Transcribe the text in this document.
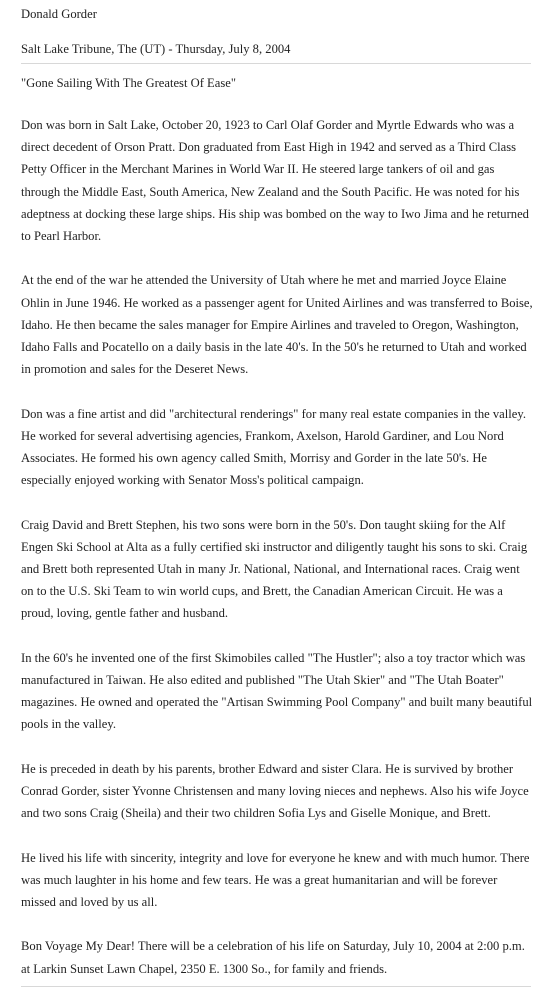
Donald Gorder
Salt Lake Tribune, The (UT) - Thursday, July 8, 2004
"Gone Sailing With The Greatest Of Ease"

Don was born in Salt Lake, October 20, 1923 to Carl Olaf Gorder and Myrtle Edwards who was a direct decedent of Orson Pratt. Don graduated from East High in 1942 and served as a Third Class Petty Officer in the Merchant Marines in World War II. He steered large tankers of oil and gas through the Middle East, South America, New Zealand and the South Pacific. He was noted for his adeptness at docking these large ships. His ship was bombed on the way to Iwo Jima and he returned to Pearl Harbor.

At the end of the war he attended the University of Utah where he met and married Joyce Elaine Ohlin in June 1946. He worked as a passenger agent for United Airlines and was transferred to Boise, Idaho. He then became the sales manager for Empire Airlines and traveled to Oregon, Washington, Idaho Falls and Pocatello on a daily basis in the late 40's. In the 50's he returned to Utah and worked in promotion and sales for the Deseret News.

Don was a fine artist and did "architectural renderings" for many real estate companies in the valley. He worked for several advertising agencies, Frankom, Axelson, Harold Gardiner, and Lou Nord Associates. He formed his own agency called Smith, Morrisy and Gorder in the late 50's. He especially enjoyed working with Senator Moss's political campaign.

Craig David and Brett Stephen, his two sons were born in the 50's. Don taught skiing for the Alf Engen Ski School at Alta as a fully certified ski instructor and diligently taught his sons to ski. Craig and Brett both represented Utah in many Jr. National, National, and International races. Craig went on to the U.S. Ski Team to win world cups, and Brett, the Canadian American Circuit. He was a proud, loving, gentle father and husband.

In the 60's he invented one of the first Skimobiles called "The Hustler"; also a toy tractor which was manufactured in Taiwan. He also edited and published "The Utah Skier" and "The Utah Boater" magazines. He owned and operated the "Artisan Swimming Pool Company" and built many beautiful pools in the valley.

He is preceded in death by his parents, brother Edward and sister Clara. He is survived by brother Conrad Gorder, sister Yvonne Christensen and many loving nieces and nephews. Also his wife Joyce and two sons Craig (Sheila) and their two children Sofia Lys and Giselle Monique, and Brett.

He lived his life with sincerity, integrity and love for everyone he knew and with much humor. There was much laughter in his home and few tears. He was a great humanitarian and will be forever missed and loved by us all.

Bon Voyage My Dear! There will be a celebration of his life on Saturday, July 10, 2004 at 2:00 p.m. at Larkin Sunset Lawn Chapel, 2350 E. 1300 So., for family and friends.
